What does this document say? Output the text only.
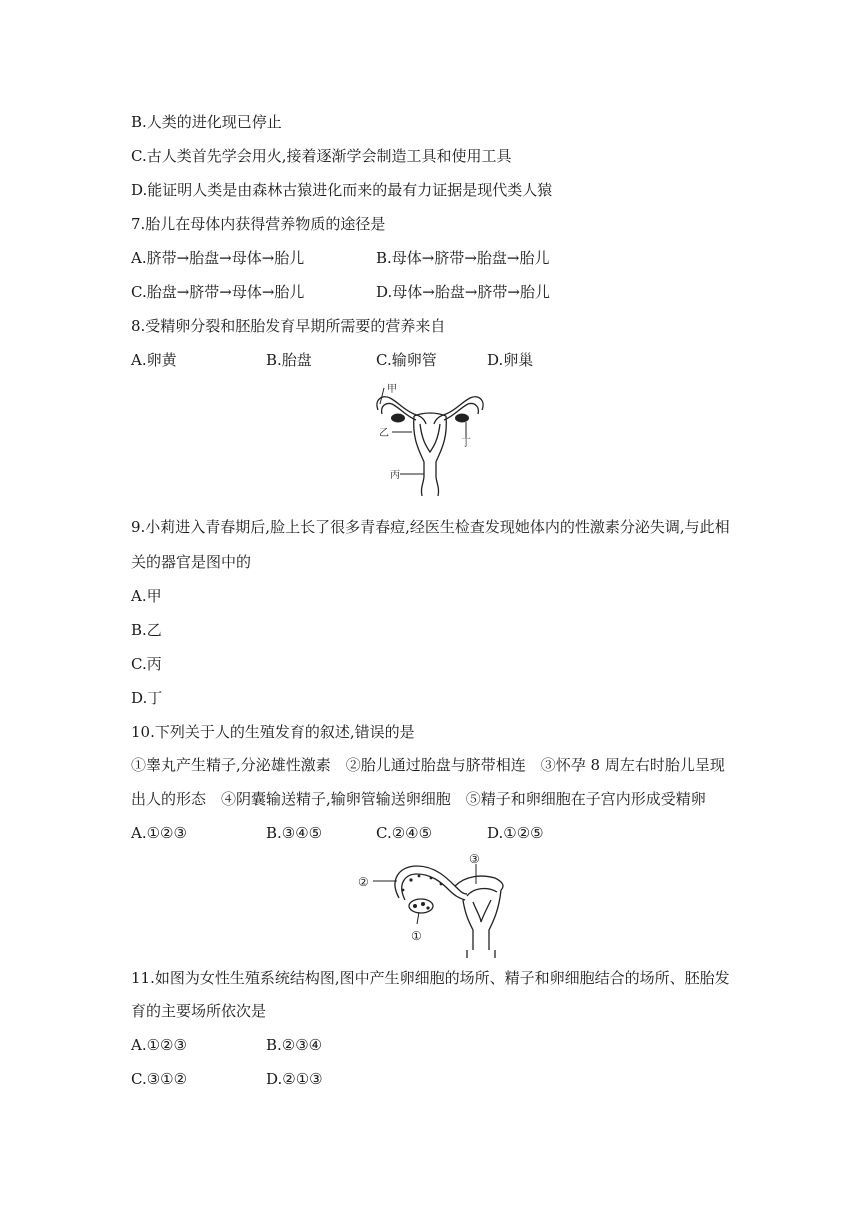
B.人类的进化现已停止
C.古人类首先学会用火,接着逐渐学会制造工具和使用工具
D.能证明人类是由森林古猿进化而来的最有力证据是现代类人猿
7.胎儿在母体内获得营养物质的途径是
A.脐带→胎盘→母体→胎儿	B.母体→脐带→胎盘→胎儿
C.胎盘→脐带→母体→胎儿	D.母体→胎盘→脐带→胎儿
8.受精卵分裂和胚胎发育早期所需要的营养来自
A.卵黄	B.胎盘	C.输卵管	D.卵巢
甲
乙
丙
丁
9.小莉进入青春期后,脸上长了很多青春痘,经医生检查发现她体内的性激素分泌失调,与此相
关的器官是图中的
A.甲
B.乙
C.丙
D.丁
10.下列关于人的生殖发育的叙述,错误的是
①睾丸产生精子,分泌雄性激素　②胎儿通过胎盘与脐带相连　③怀孕 8 周左右时胎儿呈现
出人的形态　④阴囊输送精子,输卵管输送卵细胞　⑤精子和卵细胞在子宫内形成受精卵
A.①②③	B.③④⑤	C.②④⑤	D.①②⑤
②
①
③
11.如图为女性生殖系统结构图,图中产生卵细胞的场所、精子和卵细胞结合的场所、胚胎发
育的主要场所依次是
A.①②③	B.②③④
C.③①②	D.②①③
